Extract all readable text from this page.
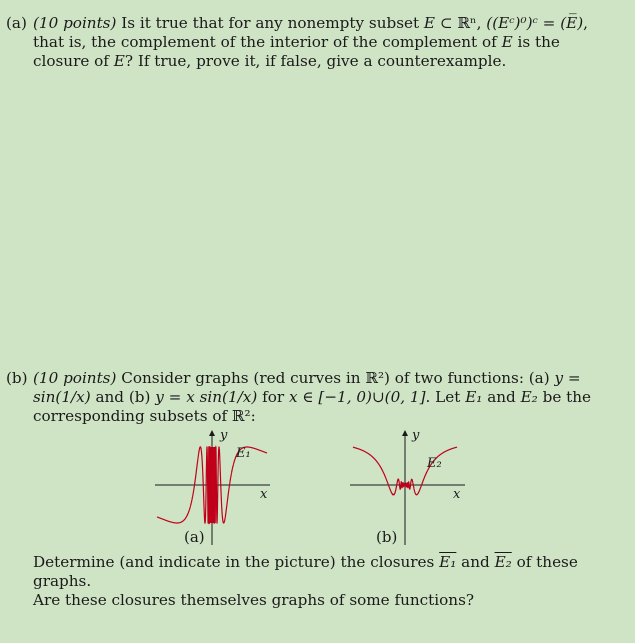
(a) (10 points) Is it true that for any nonempty subset E ⊂ ℝⁿ, ((Eᶜ)⁰)ᶜ = (E̅), that is, the complement of the interior of the complement of E is the closure of E? If true, prove it, if false, give a counterexample.
(b) (10 points) Consider graphs (red curves in ℝ²) of two functions: (a) y = sin(1/x) and (b) y = x sin(1/x) for x ∈ [−1, 0)∪(0, 1]. Let E₁ and E₂ be the corresponding subsets of ℝ²:
y
E₁
x
y
E₂
x
(a)	(b)
Determine (and indicate in the picture) the closures E₁ and E₂ of these graphs.
Are these closures themselves graphs of some functions?
